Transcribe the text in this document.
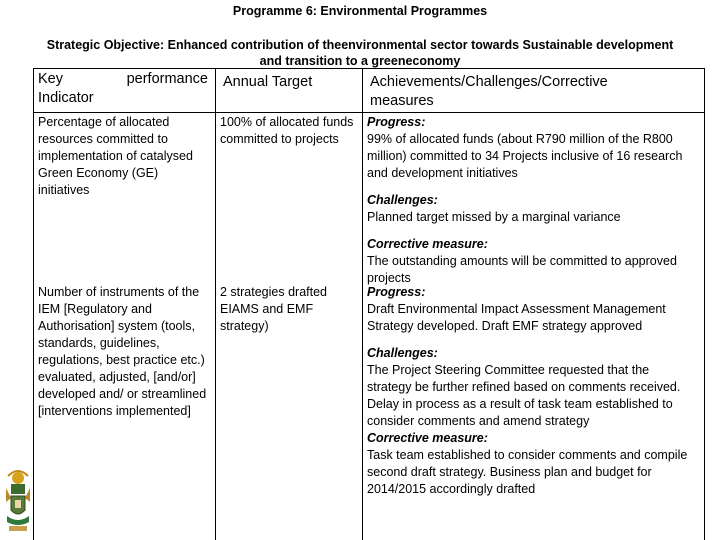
Programme 6: Environmental Programmes
Strategic Objective: Enhanced contribution of theenvironmental sector towards Sustainable development and transition to a greeneconomy
Key performance Indicator
Annual Target	Achievements/Challenges/Corrective measures
Percentage of allocated resources committed to implementation of catalysed Green Economy (GE) initiatives
100% of allocated funds committed to projects

Progress:

99% of allocated funds (about R790 million of the R800 million) committed to 34 Projects inclusive of 16 research and development initiatives

Challenges:

Planned target missed by a marginal variance

Corrective measure:

The outstanding amounts will be committed to approved projects

Number of instruments of the IEM [Regulatory and Authorisation] system (tools, standards, guidelines, regulations, best practice etc.) evaluated, adjusted, [and/or] developed and/ or streamlined [interventions implemented]
2 strategies drafted EIAMS and EMF strategy)

Progress:

Draft Environmental Impact Assessment Management Strategy developed. Draft EMF strategy approved

Challenges:

The Project Steering Committee requested that the strategy be further refined based on comments received. Delay in process as a result of task team established to consider comments and amend strategy

Corrective measure:

Task team established to consider comments and compile second draft strategy. Business plan and budget for 2014/2015 accordingly drafted
